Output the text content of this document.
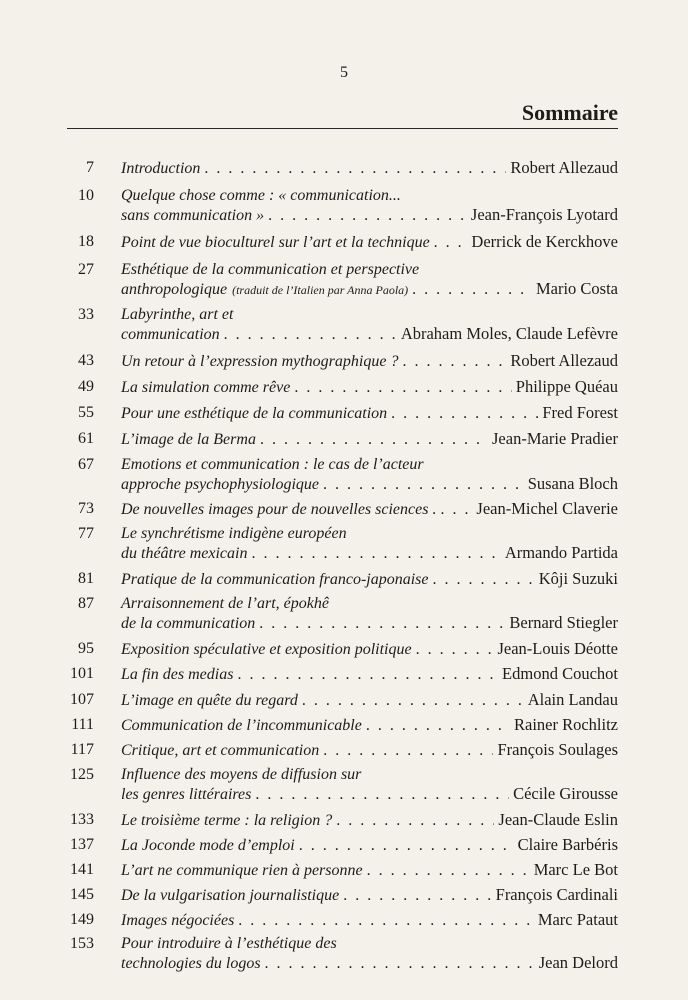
5
Sommaire
7 Introduction . . .	Robert Allezaud
10 Quelque chose comme : « communication...
sans communication » . . .	Jean-François Lyotard
18 Point de vue bioculturel sur l’art et la technique . . .	Derrick de Kerckhove
27 Esthétique de la communication et perspective
anthropologique (traduit de l’Italien par Anna Paola) . . .	Mario Costa
33 Labyrinthe, art et
communication . . .	Abraham Moles, Claude Lefèvre
43 Un retour à l’expression mythographique ? . . .	Robert Allezaud
49 La simulation comme rêve . . .	Philippe Quéau
55 Pour une esthétique de la communication . . .	Fred Forest
61 L’image de la Berma . . .	Jean-Marie Pradier
67 Emotions et communication : le cas de l’acteur
approche psychophysiologique . . .	Susana Bloch
73 De nouvelles images pour de nouvelles sciences . . . . Jean-Michel Claverie
77 Le synchrétisme indigène européen
du théâtre mexicain . . .	Armando Partida
81 Pratique de la communication franco-japonaise . . .	Kôji Suzuki
87 Arraisonnement de l’art, épokhê
de la communication . . .	Bernard Stiegler
95 Exposition spéculative et exposition politique . . .	Jean-Louis Déotte
101 La fin des medias . . .	Edmond Couchot
107 L’image en quête du regard . . .	Alain Landau
111 Communication de l’incommunicable . . .	Rainer Rochlitz
117 Critique, art et communication . . .	François Soulages
125 Influence des moyens de diffusion sur
les genres littéraires . . .	Cécile Girousse
133 Le troisième terme : la religion ? . . .	Jean-Claude Eslin
137 La Joconde mode d’emploi . . .	Claire Barbéris
141 L’art ne communique rien à personne . . .	Marc Le Bot
145 De la vulgarisation journalistique . . .	François Cardinali
149 Images négociées . . .	Marc Pataut
153 Pour introduire à l’esthétique des
technologies du logos . . .	Jean Delord
